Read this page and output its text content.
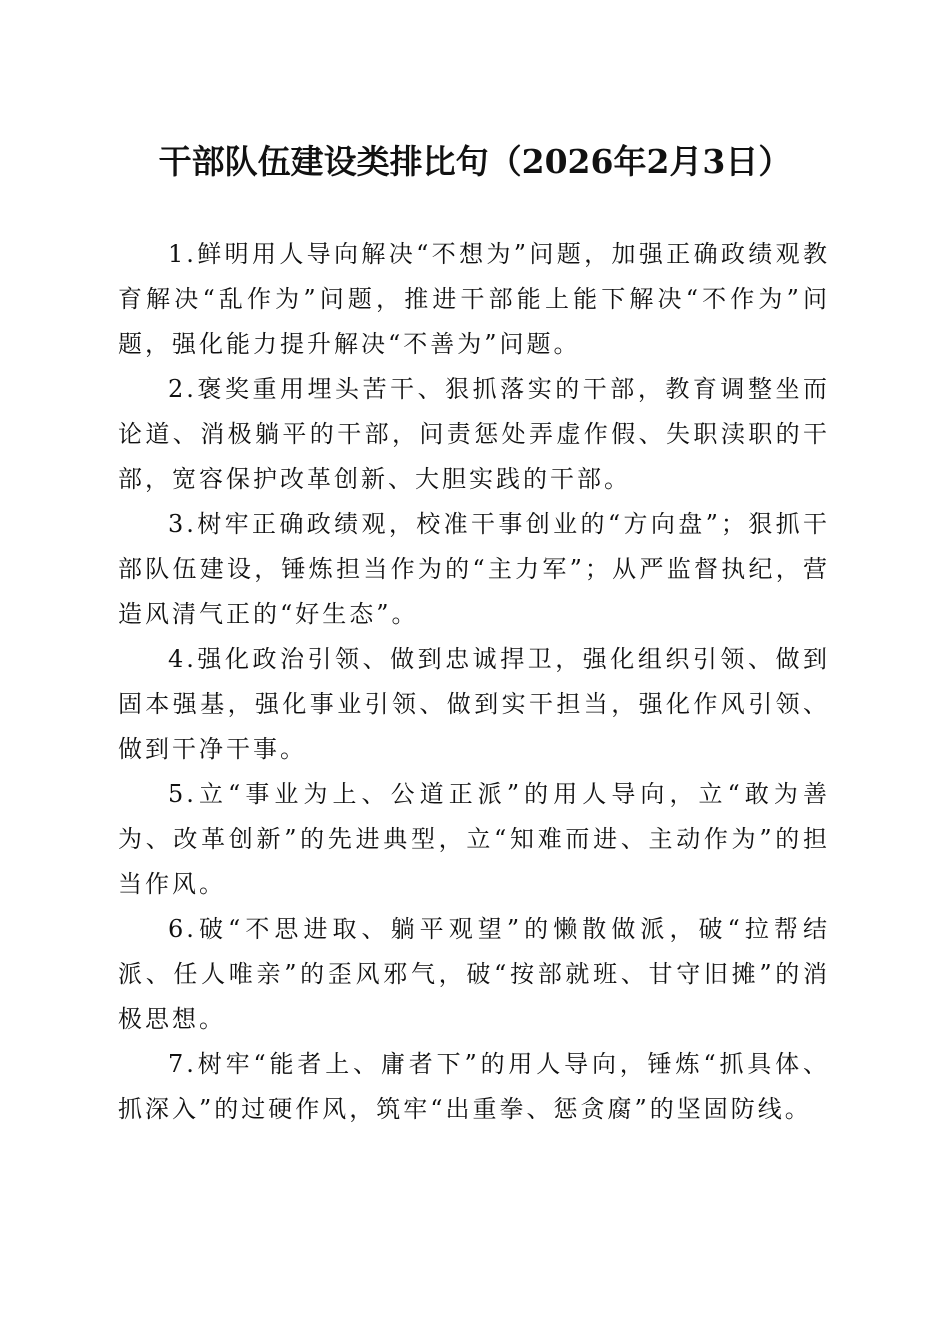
干部队伍建设类排比句（2026年2月3日）

1.鲜明用人导向解决“不想为”问题，加强正确政绩观教育解决“乱作为”问题，推进干部能上能下解决“不作为”问题，强化能力提升解决“不善为”问题。

2.褒奖重用埋头苦干、狠抓落实的干部，教育调整坐而论道、消极躺平的干部，问责惩处弄虚作假、失职渎职的干部，宽容保护改革创新、大胆实践的干部。

3.树牢正确政绩观，校准干事创业的“方向盘”；狠抓干部队伍建设，锤炼担当作为的“主力军”；从严监督执纪，营造风清气正的“好生态”。

4.强化政治引领、做到忠诚捍卫，强化组织引领、做到固本强基，强化事业引领、做到实干担当，强化作风引领、做到干净干事。

5.立“事业为上、公道正派”的用人导向，立“敢为善为、改革创新”的先进典型，立“知难而进、主动作为”的担当作风。

6.破“不思进取、躺平观望”的懒散做派，破“拉帮结派、任人唯亲”的歪风邪气，破“按部就班、甘守旧摊”的消极思想。

7.树牢“能者上、庸者下”的用人导向，锤炼“抓具体、抓深入”的过硬作风，筑牢“出重拳、惩贪腐”的坚固防线。
